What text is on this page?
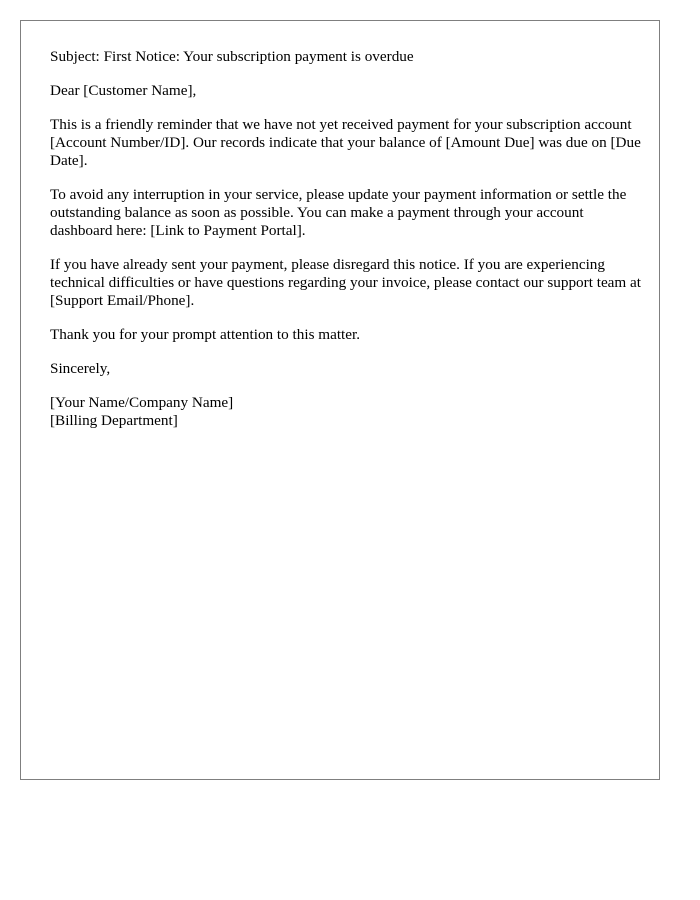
Subject: First Notice: Your subscription payment is overdue

Dear [Customer Name],

This is a friendly reminder that we have not yet received payment for your subscription account [Account Number/ID]. Our records indicate that your balance of [Amount Due] was due on [Due Date].

To avoid any interruption in your service, please update your payment information or settle the outstanding balance as soon as possible. You can make a payment through your account dashboard here: [Link to Payment Portal].

If you have already sent your payment, please disregard this notice. If you are experiencing technical difficulties or have questions regarding your invoice, please contact our support team at [Support Email/Phone].

Thank you for your prompt attention to this matter.

Sincerely,

[Your Name/Company Name]
[Billing Department]
